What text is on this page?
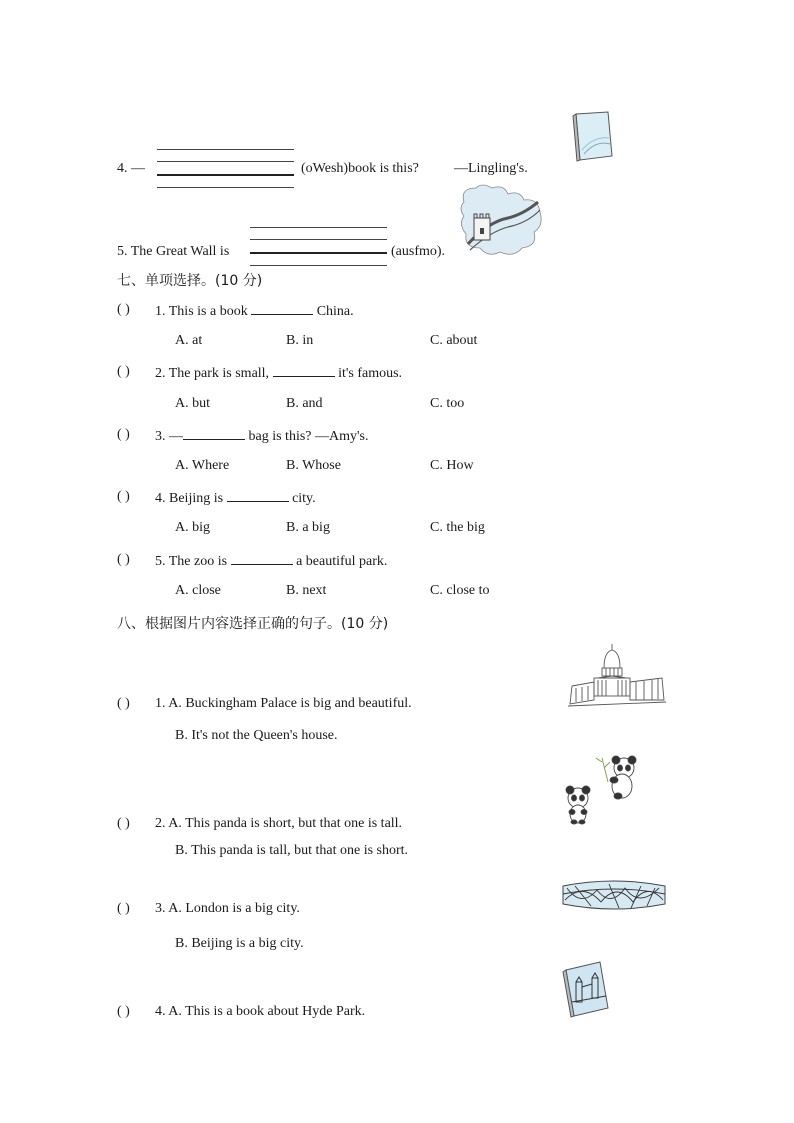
4. —	(oWesh)book is this?	—Lingling's.
5. The Great Wall is	(ausfmo).
七、单项选择。(10 分)
( ) 1. This is a book	China.
A. at	B. in	C. about
( ) 2. The park is small,	it's famous.
A. but	B. and	C. too
( ) 3. —	bag is this? —Amy's.
A. Where	B. Whose	C. How
( ) 4. Beijing is	city.
A. big	B. a big	C. the big
( ) 5. The zoo is	a beautiful park.
A. close	B. next	C. close to
八、根据图片内容选择正确的句子。(10 分)
( ) 1. A. Buckingham Palace is big and beautiful.
B. It's not the Queen's house.
( ) 2. A. This panda is short, but that one is tall.
B. This panda is tall, but that one is short.
( ) 3. A. London is a big city.
B. Beijing is a big city.
( ) 4. A. This is a book about Hyde Park.
